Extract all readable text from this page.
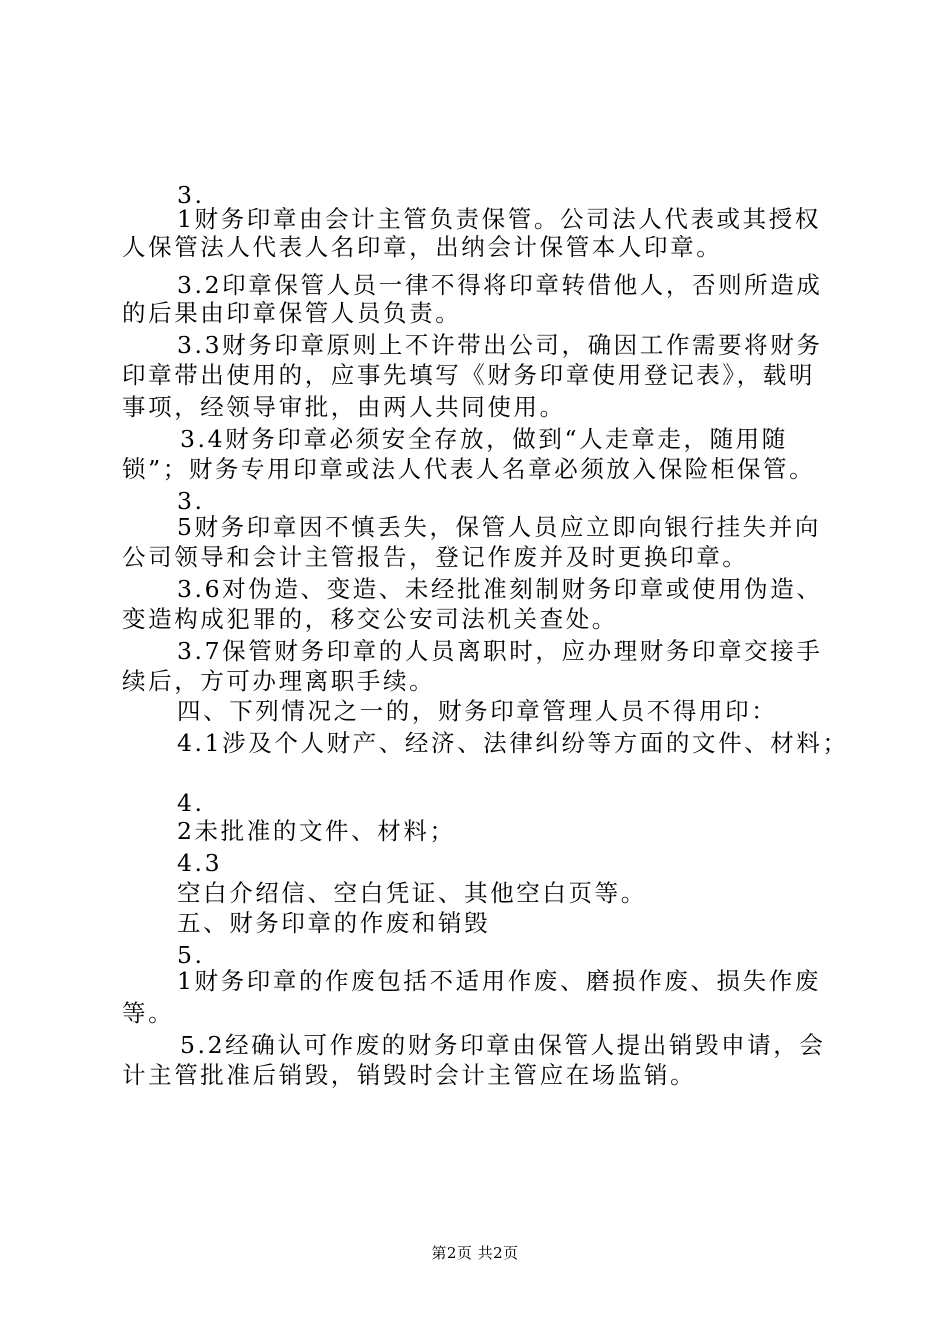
3.
1财务印章由会计主管负责保管。公司法人代表或其授权
人保管法人代表人名印章，出纳会计保管本人印章。
3.2印章保管人员一律不得将印章转借他人，否则所造成
的后果由印章保管人员负责。
3.3财务印章原则上不许带出公司，确因工作需要将财务
印章带出使用的，应事先填写《财务印章使用登记表》，载明
事项，经领导审批，由两人共同使用。
3.4财务印章必须安全存放，做到“人走章走，随用随
锁”；财务专用印章或法人代表人名章必须放入保险柜保管。
3.
5财务印章因不慎丢失，保管人员应立即向银行挂失并向
公司领导和会计主管报告，登记作废并及时更换印章。
3.6对伪造、变造、未经批准刻制财务印章或使用伪造、
变造构成犯罪的，移交公安司法机关查处。
3.7保管财务印章的人员离职时，应办理财务印章交接手
续后，方可办理离职手续。
四、下列情况之一的，财务印章管理人员不得用印：
4.1涉及个人财产、经济、法律纠纷等方面的文件、材料；
4.
2未批准的文件、材料；
4.3
空白介绍信、空白凭证、其他空白页等。
五、财务印章的作废和销毁
5.
1财务印章的作废包括不适用作废、磨损作废、损失作废
等。
5.2经确认可作废的财务印章由保管人提出销毁申请，会
计主管批准后销毁，销毁时会计主管应在场监销。
第2页 共2页
